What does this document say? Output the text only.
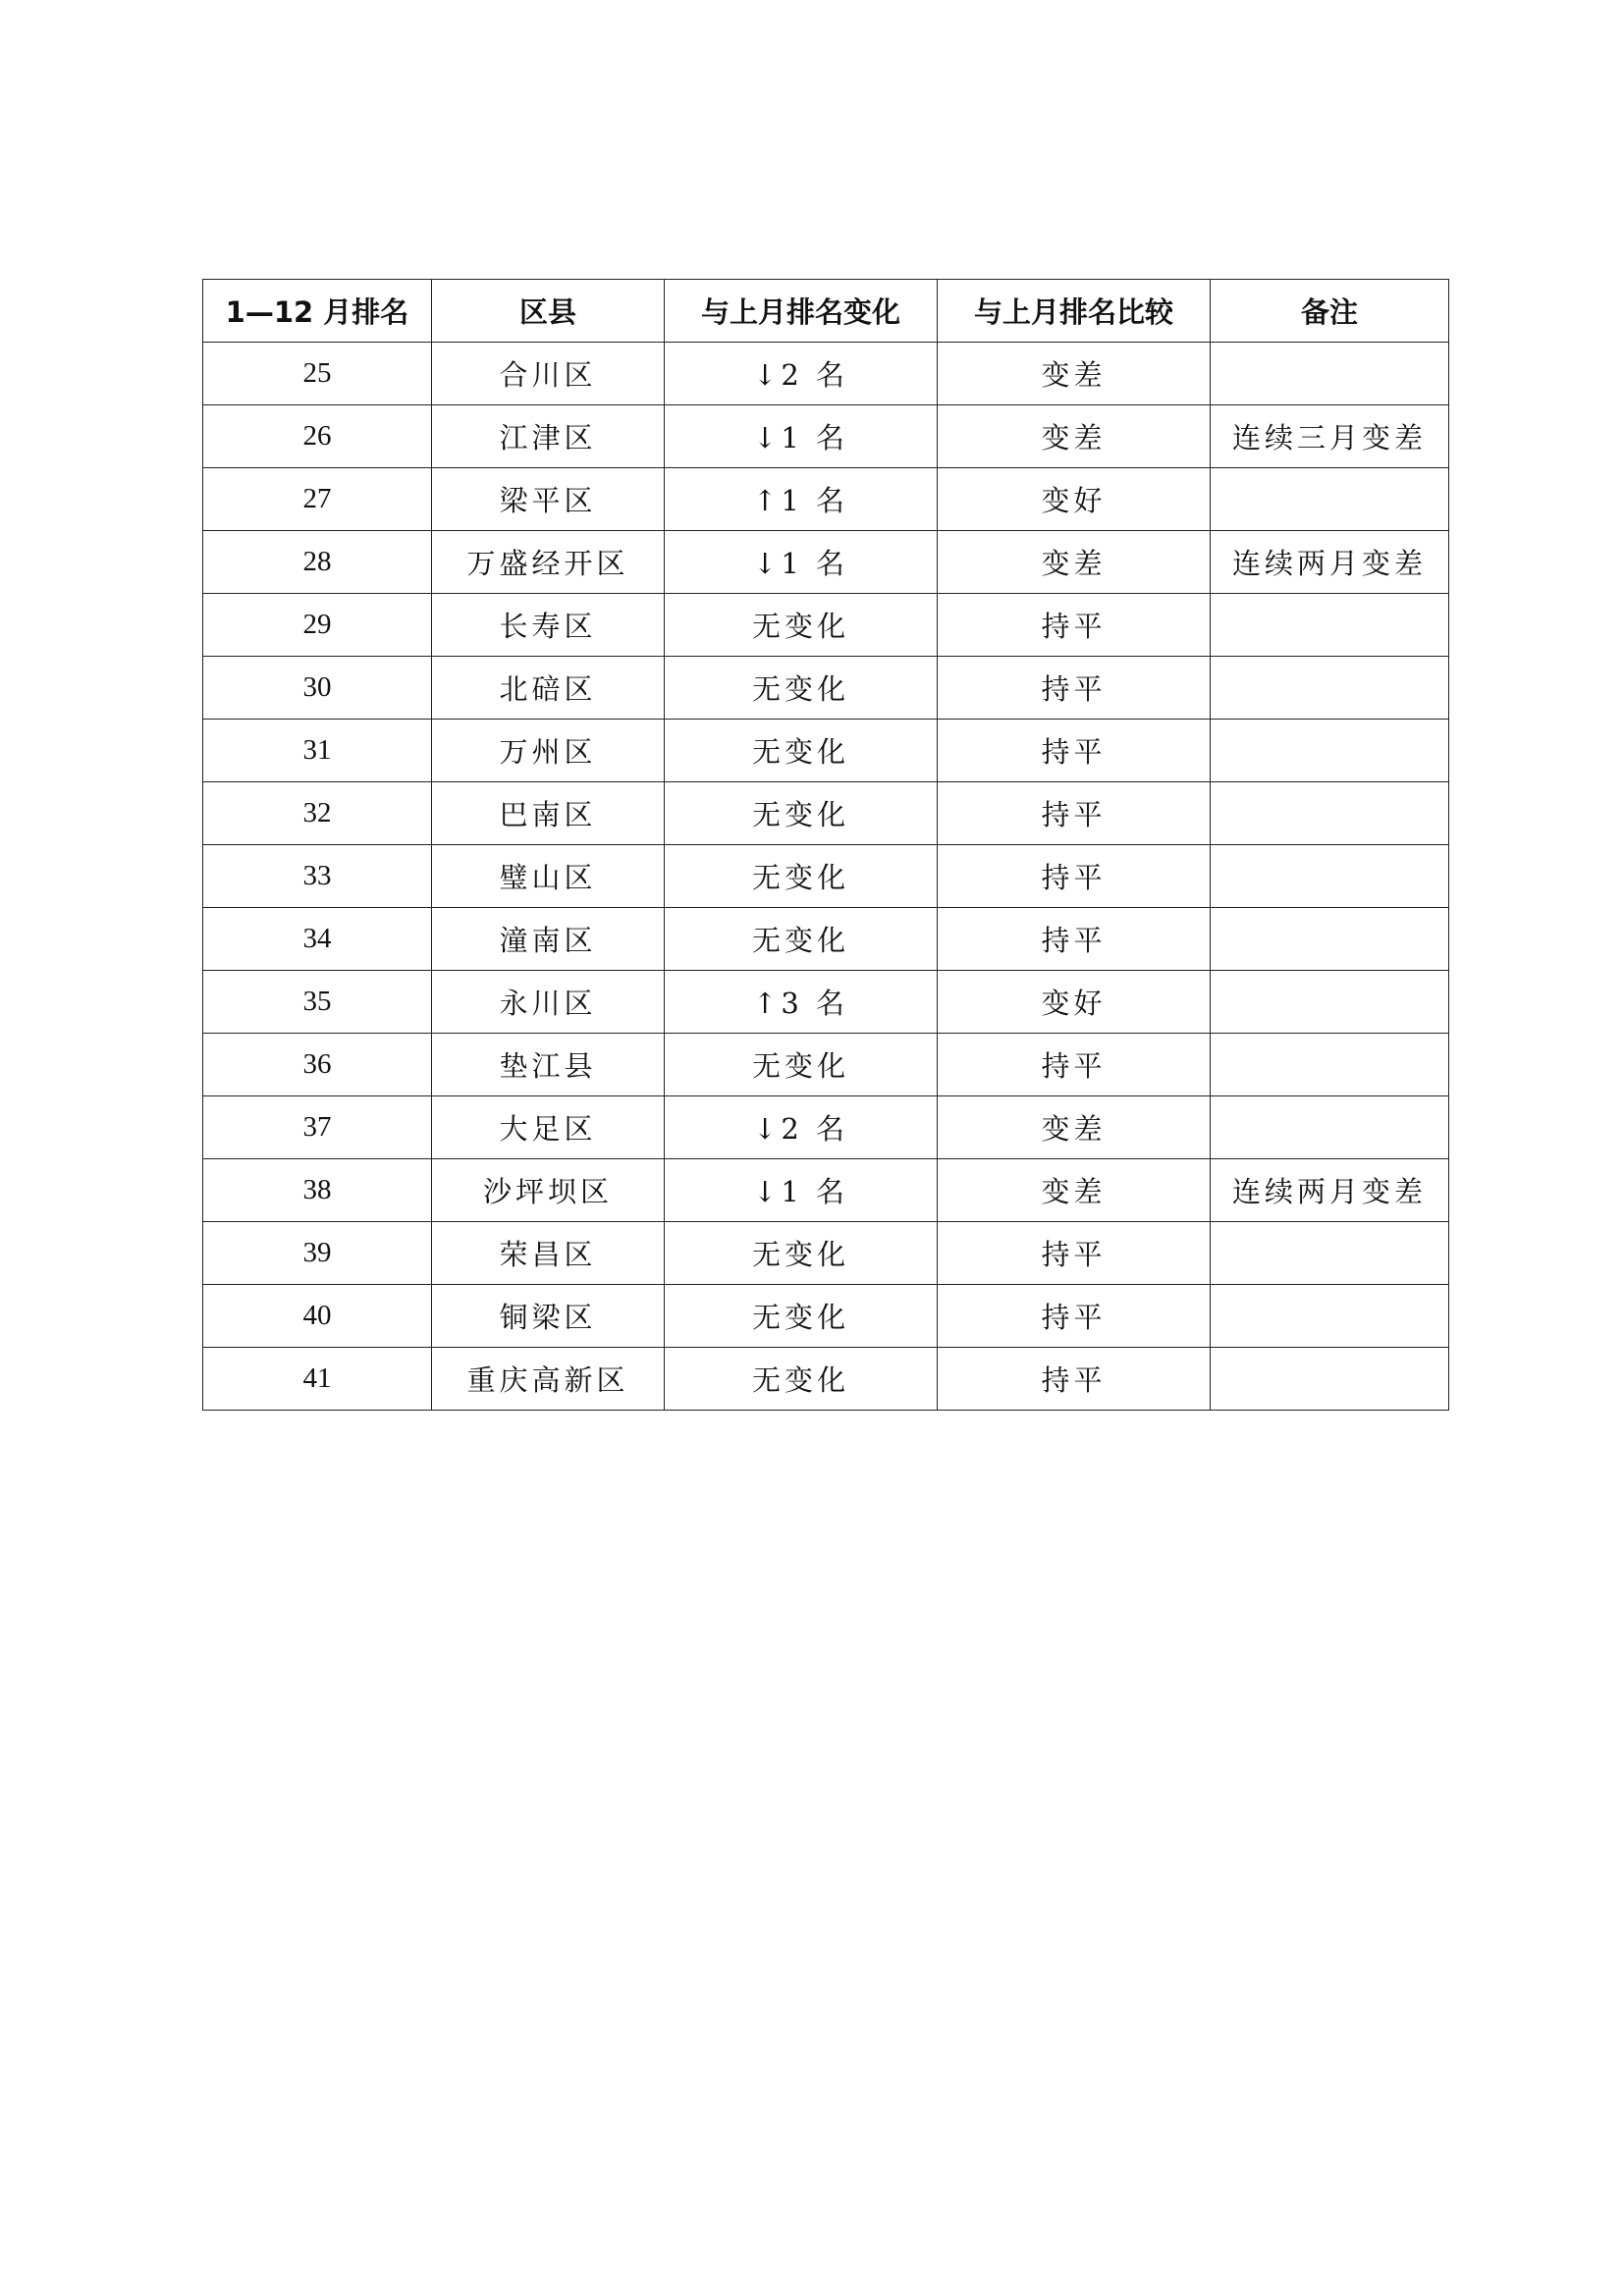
1—12 月排名	区县	与上月排名变化	与上月排名比较	备注
25	合川区	↓2 名	变差	
26	江津区	↓1 名	变差	连续三月变差
27	梁平区	↑1 名	变好	
28	万盛经开区	↓1 名	变差	连续两月变差
29	长寿区	无变化	持平	
30	北碚区	无变化	持平	
31	万州区	无变化	持平	
32	巴南区	无变化	持平	
33	璧山区	无变化	持平	
34	潼南区	无变化	持平	
35	永川区	↑3 名	变好	
36	垫江县	无变化	持平	
37	大足区	↓2 名	变差	
38	沙坪坝区	↓1 名	变差	连续两月变差
39	荣昌区	无变化	持平	
40	铜梁区	无变化	持平	
41	重庆高新区	无变化	持平	
